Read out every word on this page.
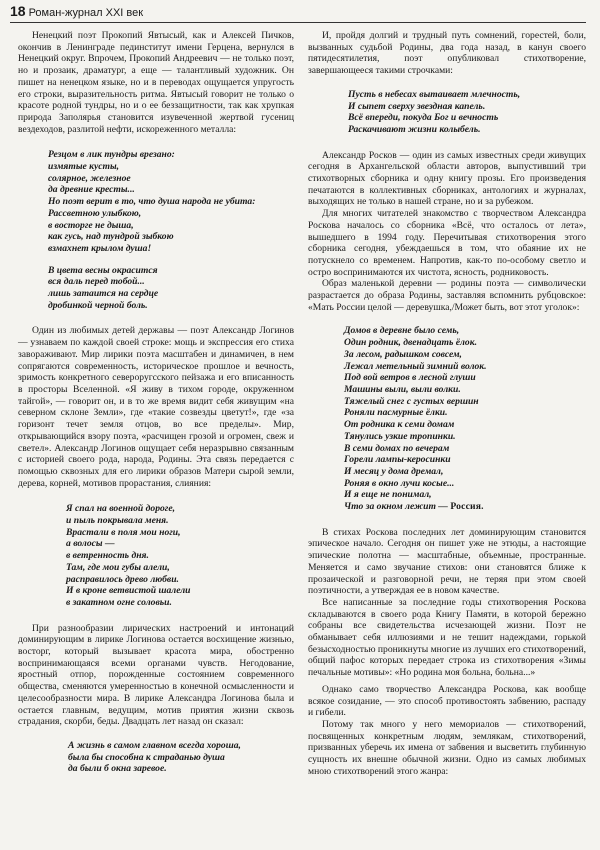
18 Роман-журнал XXI век

Ненецкий поэт Прокопий Явтысый, как и Алексей Пичков, окончив в Ленинграде пединститут имени Герцена, вернулся в Ненецкий округ. Впрочем, Прокопий Андреевич — не только поэт, но и прозаик, драматург, а еще — талантливый художник. Он пишет на ненецком языке, но и в переводах ощущается упругость его строки, выразительность ритма. Явтысый говорит не только о красоте родной тундры, но и о ее беззащитности, так как хрупкая природа Заполярья становится изувеченной жертвой гусениц вездеходов, разлитой нефти, искореженного металла:

Резцом в лик тундры врезано:
измятые кусты,
солярное, железное
да древние кресты...
Но поэт верит в то, что душа народа не убита:
Рассветною улыбкою,
в восторге не дыша,
как гусь, над тундрой зыбкою
взмахнет крылом душа!
В цвета весны окрасится
вся даль перед тобой...
лишь затаится на сердце
дробинкой черной боль.

Один из любимых детей державы — поэт Александр Логинов — узнаваем по каждой своей строке: мощь и экспрессия его стиха завораживают. Мир лирики поэта масштабен и динамичен, в нем сопрягаются современность, историческое прошлое и вечность, зримость конкретного североругсского пейзажа и его вписанность в просторы Вселенной. «Я живу в тихом городе, окруженном тайгой», — говорит он, и в то же время видит себя живущим «на северном склоне Земли», где «такие созвезды цветут!», где «за горизонт течет земля отцов, во все пределы». Мир, открывающийся взору поэта, «расчищен грозой и огромен, свеж и светел». Александр Логинов ощущает себя неразрывно связанным с историей своего рода, народа, Родины. Эта связь передается с помощью сквозных для его лирики образов Матери сырой земли, дерева, корней, мотивов прорастания, слияния:

Я спал на военной дороге,
и пыль покрывала меня.
Врастали в поля мои ноги,
а волосы —
в ветренность дня.
Там, где мои губы алели,
расправилось древо любви.
И в кроне ветвистой шалели
в закатном огне соловьи.

При разнообразии лирических настроений и интонаций доминирующим в лирике Логинова остается восхищение жизнью, восторг, который вызывает красота мира, обостренно воспринимающаяся всеми органами чувств. Негодование, яростный отпор, порожденные состоянием современного общества, сменяются умеренностью в конечной осмысленности и целесообразности мира. В лирике Александра Логинова была и остается главным, ведущим, мотив приятия жизни сквозь страдания, скорби, беды. Двадцать лет назад он сказал:

А жизнь в самом главном всегда хороша,
была бы способна к страданью душа
да были б окна заревое.

И, пройдя долгий и трудный путь сомнений, горестей, боли, вызванных судьбой Родины, два года назад, в канун своего пятидесятилетия, поэт опубликовал стихотворение, завершающееся такими строчками:

Пусть в небесах вытаивает млечность,
И сыпет сверху звездная капель.
Всё впереди, покуда Бог и вечность
Раскачивают жизни колыбель.

Александр Росков — один из самых известных среди живущих сегодня в Архангельской области авторов, выпустивший три стихотворных сборника и одну книгу прозы. Его произведения печатаются в коллективных сборниках, антологиях и журналах, выходящих не только в нашей стране, но и за рубежом.

Для многих читателей знакомство с творчеством Александра Роскова началось со сборника «Всё, что осталось от лета», вышедшего в 1994 году. Перечитывая стихотворения этого сборника сегодня, убеждаешься в том, что обаяние их не потускнело со временем. Напротив, как-то по-особому светло и остро воспринимаются их чистота, ясность, родниковость.

Образ маленькой деревни — родины поэта — символически разрастается до образа Родины, заставляя вспомнить рубцовское: «Мать России целой — деревушка,/Может быть, вот этот уголок»:

Домов в деревне было семь,
Один родник, двенадцать ёлок.
За лесом, радышком совсем,
Лежал метельный зимний волок.
Под вой ветров в лесной глуши
Машины выли, выли волки.
Тяжелый снег с густых вершин
Роняли пасмурные ёлки.
От родника к семи домам
Тянулись узкие тропинки.
В семи домах по вечерам
Горели лампы-керосинки
И месяц у дома дремал,
Роняя в окно лучи косые...
И я еще не понимал,
Что за окном лежит — Россия.

В стихах Роскова последних лет доминирующим становится эпическое начало. Сегодня он пишет уже не этюды, а настоящие эпические полотна — масштабные, объемные, пространные. Меняется и само звучание стихов: они становятся ближе к прозаической и разговорной речи, не теряя при этом своей поэтичности, а утверждая ее в новом качестве.

Все написанные за последние годы стихотворения Роскова складываются в своего рода Книгу Памяти, в которой бережно собраны все свидетельства исчезающей жизни. Поэт не обманывает себя иллюзиями и не тешит надеждами, горькой безысходностью проникнуты многие из лучших его стихотворений, общий пафос которых передает строка из стихотворения «Зимы печальные мотивы»: «Но родина моя больна, больна...»

Однако само творчество Александра Роскова, как вообще всякое созидание, — это способ противостоять забвению, распаду и гибели.

Потому так много у него мемориалов — стихотворений, посвященных конкретным людям, землякам, стихотворений, призванных уберечь их имена от забвения и высветить глубинную сущность их внешне обычной жизни. Одно из самых любимых мною стихотворений этого жанра:
